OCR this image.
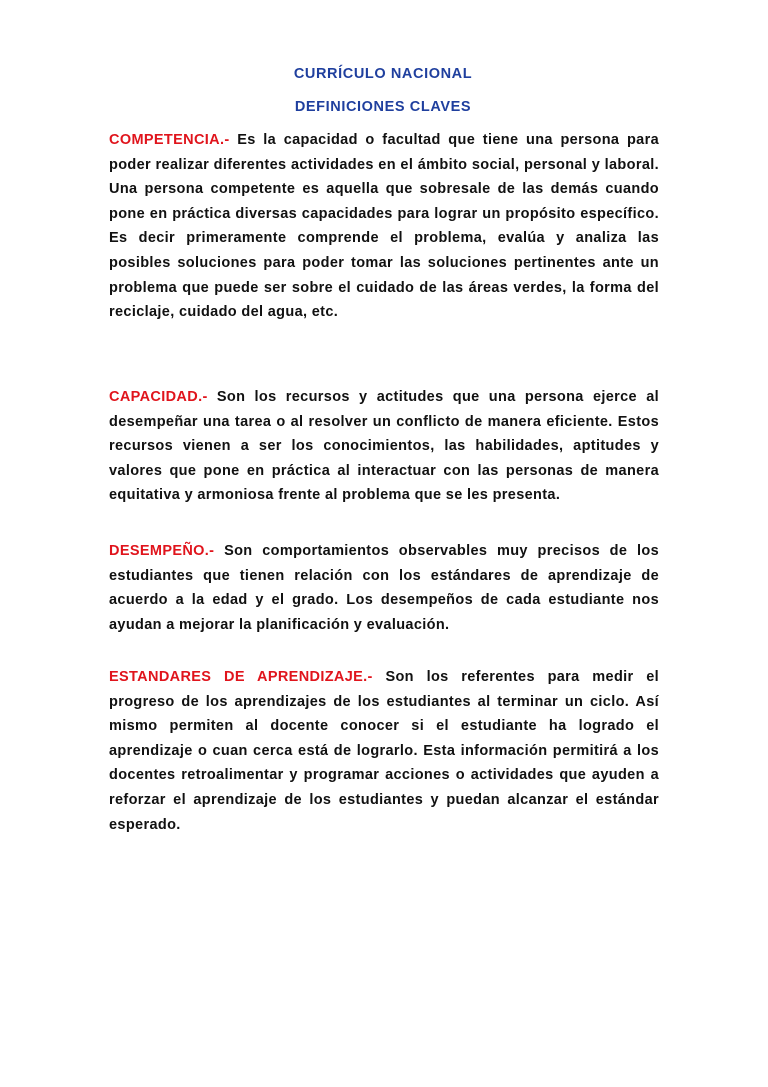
CURRÍCULO NACIONAL
DEFINICIONES CLAVES

COMPETENCIA.- Es la capacidad o facultad que tiene una persona para poder realizar diferentes actividades en el ámbito social, personal y laboral. Una persona competente es aquella que sobresale de las demás cuando pone en práctica diversas capacidades para lograr un propósito específico. Es decir primeramente comprende el problema, evalúa y analiza las posibles soluciones para poder tomar las soluciones pertinentes ante un problema que puede ser sobre el cuidado de las áreas verdes, la forma del reciclaje, cuidado del agua, etc.

CAPACIDAD.- Son los recursos y actitudes que una persona ejerce al desempeñar una tarea o al resolver un conflicto de manera eficiente. Estos recursos vienen a ser los conocimientos, las habilidades, aptitudes y valores que pone en práctica al interactuar con las personas de manera equitativa y armoniosa frente al problema que se les presenta.

DESEMPEÑO.- Son comportamientos observables muy precisos de los estudiantes que tienen relación con los estándares de aprendizaje de acuerdo a la edad y el grado. Los desempeños de cada estudiante nos ayudan a mejorar la planificación y evaluación.

ESTANDARES DE APRENDIZAJE.- Son los referentes para medir el progreso de los aprendizajes de los estudiantes al terminar un ciclo. Así mismo permiten al docente conocer si el estudiante ha logrado el aprendizaje o cuan cerca está de lograrlo. Esta información permitirá a los docentes retroalimentar y programar acciones o actividades que ayuden a reforzar el aprendizaje de los estudiantes y puedan alcanzar el estándar esperado.
